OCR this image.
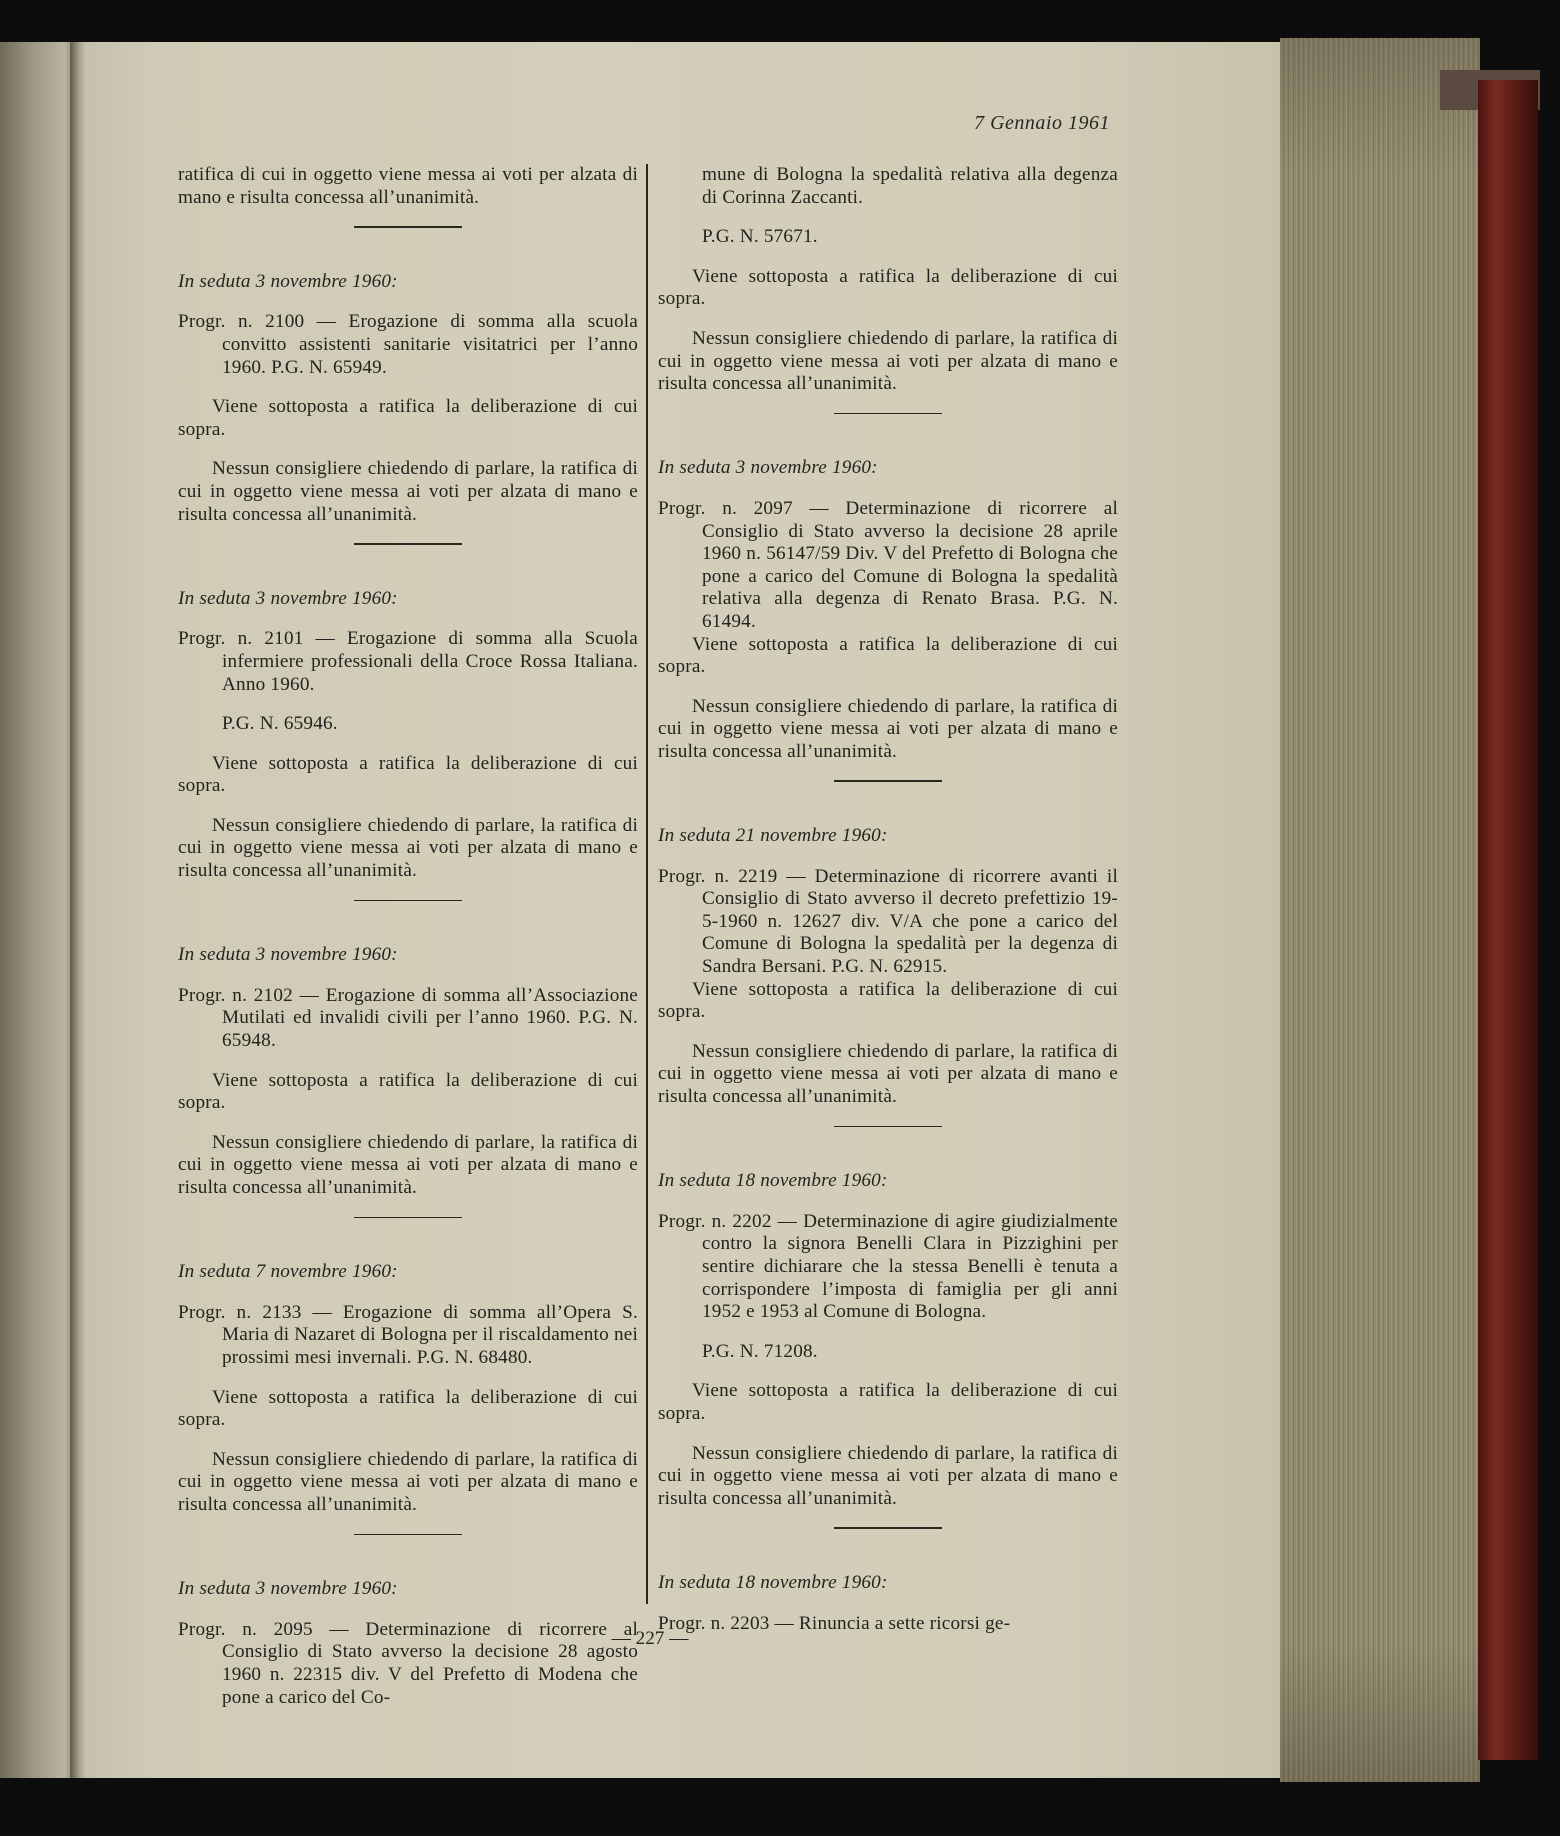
7 Gennaio 1961

ratifica di cui in oggetto viene messa ai voti per alzata di mano e risulta concessa all’unanimità.

In seduta 3 novembre 1960:

Progr. n. 2100 — Erogazione di somma alla scuola convitto assistenti sanitarie visitatrici per l’anno 1960. P.G. N. 65949.

Viene sottoposta a ratifica la deliberazione di cui sopra.

Nessun consigliere chiedendo di parlare, la ratifica di cui in oggetto viene messa ai voti per alzata di mano e risulta concessa all’unanimità.

In seduta 3 novembre 1960:

Progr. n. 2101 — Erogazione di somma alla Scuola infermiere professionali della Croce Rossa Italiana. Anno 1960.

P.G. N. 65946.

Viene sottoposta a ratifica la deliberazione di cui sopra.

Nessun consigliere chiedendo di parlare, la ratifica di cui in oggetto viene messa ai voti per alzata di mano e risulta concessa all’unanimità.

In seduta 3 novembre 1960:

Progr. n. 2102 — Erogazione di somma all’Associazione Mutilati ed invalidi civili per l’anno 1960. P.G. N. 65948.

Viene sottoposta a ratifica la deliberazione di cui sopra.

Nessun consigliere chiedendo di parlare, la ratifica di cui in oggetto viene messa ai voti per alzata di mano e risulta concessa all’unanimità.

In seduta 7 novembre 1960:

Progr. n. 2133 — Erogazione di somma all’Opera S. Maria di Nazaret di Bologna per il riscaldamento nei prossimi mesi invernali. P.G. N. 68480.

Viene sottoposta a ratifica la deliberazione di cui sopra.

Nessun consigliere chiedendo di parlare, la ratifica di cui in oggetto viene messa ai voti per alzata di mano e risulta concessa all’unanimità.

In seduta 3 novembre 1960:

Progr. n. 2095 — Determinazione di ricorrere al Consiglio di Stato avverso la decisione 28 agosto 1960 n. 22315 div. V del Prefetto di Modena che pone a carico del Co-

mune di Bologna la spedalità relativa alla degenza di Corinna Zaccanti.

P.G. N. 57671.

Viene sottoposta a ratifica la deliberazione di cui sopra.

Nessun consigliere chiedendo di parlare, la ratifica di cui in oggetto viene messa ai voti per alzata di mano e risulta concessa all’unanimità.

In seduta 3 novembre 1960:

Progr. n. 2097 — Determinazione di ricorrere al Consiglio di Stato avverso la decisione 28 aprile 1960 n. 56147/59 Div. V del Prefetto di Bologna che pone a carico del Comune di Bologna la spedalità relativa alla degenza di Renato Brasa. P.G. N. 61494.

Viene sottoposta a ratifica la deliberazione di cui sopra.

Nessun consigliere chiedendo di parlare, la ratifica di cui in oggetto viene messa ai voti per alzata di mano e risulta concessa all’unanimità.

In seduta 21 novembre 1960:

Progr. n. 2219 — Determinazione di ricorrere avanti il Consiglio di Stato avverso il decreto prefettizio 19-5-1960 n. 12627 div. V/A che pone a carico del Comune di Bologna la spedalità per la degenza di Sandra Bersani. P.G. N. 62915.

Viene sottoposta a ratifica la deliberazione di cui sopra.

Nessun consigliere chiedendo di parlare, la ratifica di cui in oggetto viene messa ai voti per alzata di mano e risulta concessa all’unanimità.

In seduta 18 novembre 1960:

Progr. n. 2202 — Determinazione di agire giudizialmente contro la signora Benelli Clara in Pizzighini per sentire dichiarare che la stessa Benelli è tenuta a corrispondere l’imposta di famiglia per gli anni 1952 e 1953 al Comune di Bologna.

P.G. N. 71208.

Viene sottoposta a ratifica la deliberazione di cui sopra.

Nessun consigliere chiedendo di parlare, la ratifica di cui in oggetto viene messa ai voti per alzata di mano e risulta concessa all’unanimità.

In seduta 18 novembre 1960:

Progr. n. 2203 — Rinuncia a sette ricorsi ge-

— 227 —
